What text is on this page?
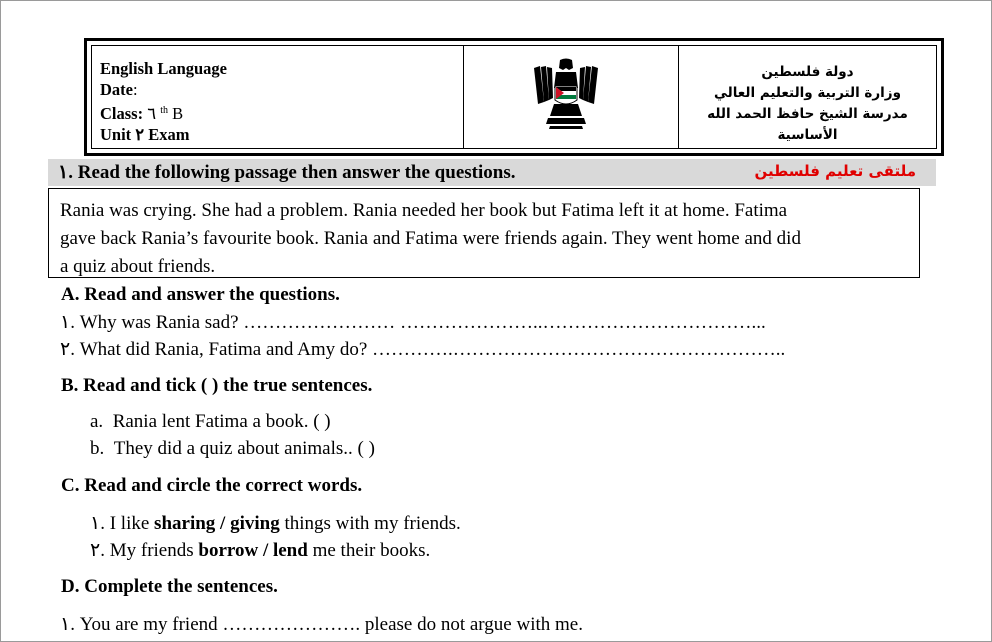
English Language
Date:
Class: ٦ $^{th}$ B
Unit ٢ Exam
دولة فلسطين
وزارة التربية والتعليم العالي
مدرسة الشيخ حافظ الحمد الله الأساسية
١. Read the following passage then answer the questions.	ملتقى تعليم فلسطين
Rania was crying. She had a problem. Rania needed her book but Fatima left it at home. Fatima
gave back Rania’s favourite book. Rania and Fatima were friends again. They went home and did
a quiz about friends.
A. Read and answer the questions.
١. Why was Rania sad? …………………… …………………..……………………………...
٢. What did Rania, Fatima and Amy do? ………….……………………………………………..
B. Read and tick ( ) the true sentences.
a. Rania lent Fatima a book. ( )
b. They did a quiz about animals.. ( )
C. Read and circle the correct words.
١. I like sharing / giving things with my friends.
٢. My friends borrow / lend me their books.
D. Complete the sentences.
١. You are my friend …………………. please do not argue with me.
